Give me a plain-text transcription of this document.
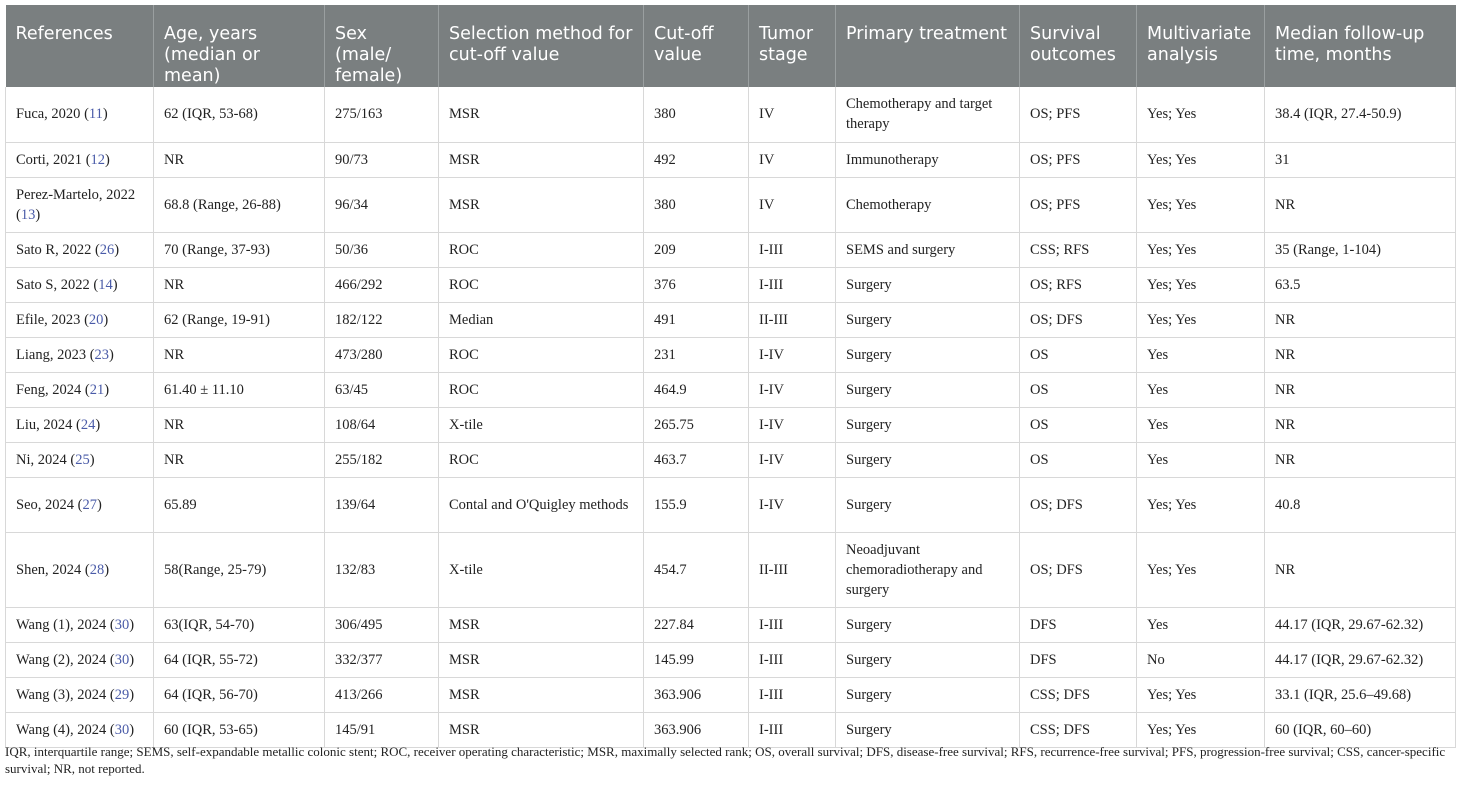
References	Age, years (median or mean)	Sex (male/ female)	Selection method for cut-off value	Cut-off value	Tumor stage	Primary treatment	Survival outcomes	Multivariate analysis	Median follow-up time, months
Fuca, 2020 (11)	62 (IQR, 53-68)	275/163	MSR	380	IV	Chemotherapy and target therapy	OS; PFS	Yes; Yes	38.4 (IQR, 27.4-50.9)
Corti, 2021 (12)	NR	90/73	MSR	492	IV	Immunotherapy	OS; PFS	Yes; Yes	31
Perez-Martelo, 2022 (13)	68.8 (Range, 26-88)	96/34	MSR	380	IV	Chemotherapy	OS; PFS	Yes; Yes	NR
Sato R, 2022 (26)	70 (Range, 37-93)	50/36	ROC	209	I-III	SEMS and surgery	CSS; RFS	Yes; Yes	35 (Range, 1-104)
Sato S, 2022 (14)	NR	466/292	ROC	376	I-III	Surgery	OS; RFS	Yes; Yes	63.5
Efile, 2023 (20)	62 (Range, 19-91)	182/122	Median	491	II-III	Surgery	OS; DFS	Yes; Yes	NR
Liang, 2023 (23)	NR	473/280	ROC	231	I-IV	Surgery	OS	Yes	NR
Feng, 2024 (21)	61.40 ± 11.10	63/45	ROC	464.9	I-IV	Surgery	OS	Yes	NR
Liu, 2024 (24)	NR	108/64	X-tile	265.75	I-IV	Surgery	OS	Yes	NR
Ni, 2024 (25)	NR	255/182	ROC	463.7	I-IV	Surgery	OS	Yes	NR
Seo, 2024 (27)	65.89	139/64	Contal and O'Quigley methods	155.9	I-IV	Surgery	OS; DFS	Yes; Yes	40.8
Shen, 2024 (28)	58(Range, 25-79)	132/83	X-tile	454.7	II-III	Neoadjuvant chemoradiotherapy and surgery	OS; DFS	Yes; Yes	NR
Wang (1), 2024 (30)	63(IQR, 54-70)	306/495	MSR	227.84	I-III	Surgery	DFS	Yes	44.17 (IQR, 29.67-62.32)
Wang (2), 2024 (30)	64 (IQR, 55-72)	332/377	MSR	145.99	I-III	Surgery	DFS	No	44.17 (IQR, 29.67-62.32)
Wang (3), 2024 (29)	64 (IQR, 56-70)	413/266	MSR	363.906	I-III	Surgery	CSS; DFS	Yes; Yes	33.1 (IQR, 25.6–49.68)
Wang (4), 2024 (30)	60 (IQR, 53-65)	145/91	MSR	363.906	I-III	Surgery	CSS; DFS	Yes; Yes	60 (IQR, 60–60)
IQR, interquartile range; SEMS, self-expandable metallic colonic stent; ROC, receiver operating characteristic; MSR, maximally selected rank; OS, overall survival; DFS, disease-free survival; RFS, recurrence-free survival; PFS, progression-free survival; CSS, cancer-specific survival; NR, not reported.
